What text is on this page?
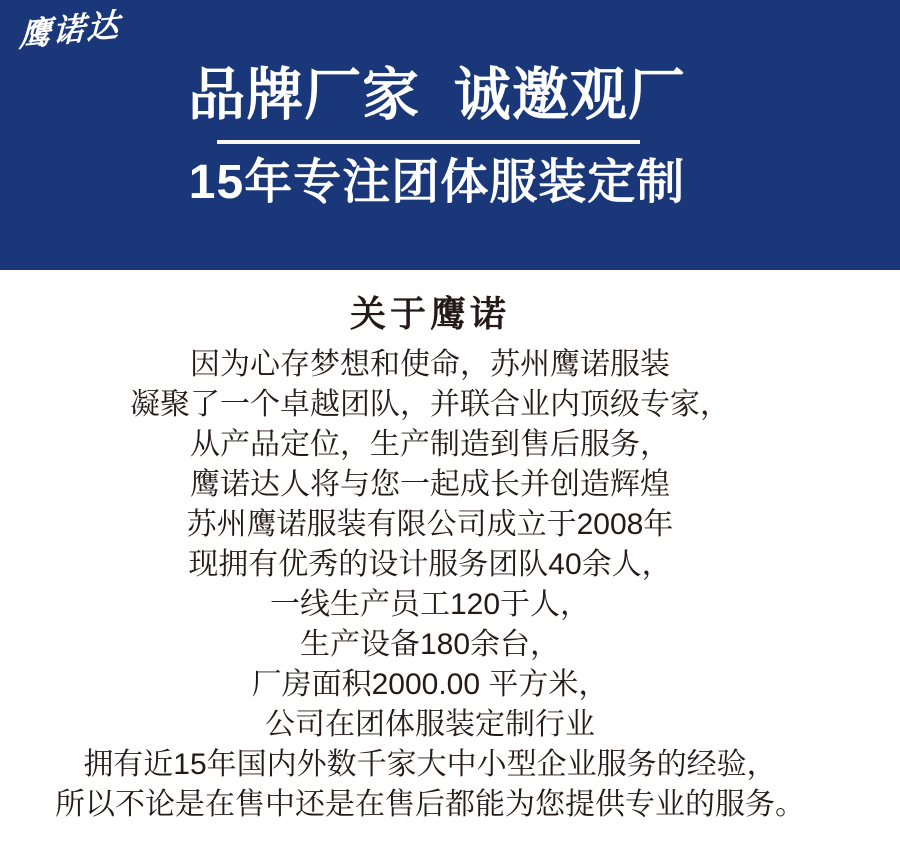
鹰诺达
品牌厂家  诚邀观厂
15年专注团体服装定制
关于鹰诺
因为心存梦想和使命，苏州鹰诺服装
凝聚了一个卓越团队，并联合业内顶级专家，
从产品定位，生产制造到售后服务，
鹰诺达人将与您一起成长并创造辉煌
苏州鹰诺服装有限公司成立于2008年
现拥有优秀的设计服务团队40余人，
一线生产员工120于人，
生产设备180余台，
厂房面积2000.00 平方米，
公司在团体服装定制行业
拥有近15年国内外数千家大中小型企业服务的经验，
所以不论是在售中还是在售后都能为您提供专业的服务。
